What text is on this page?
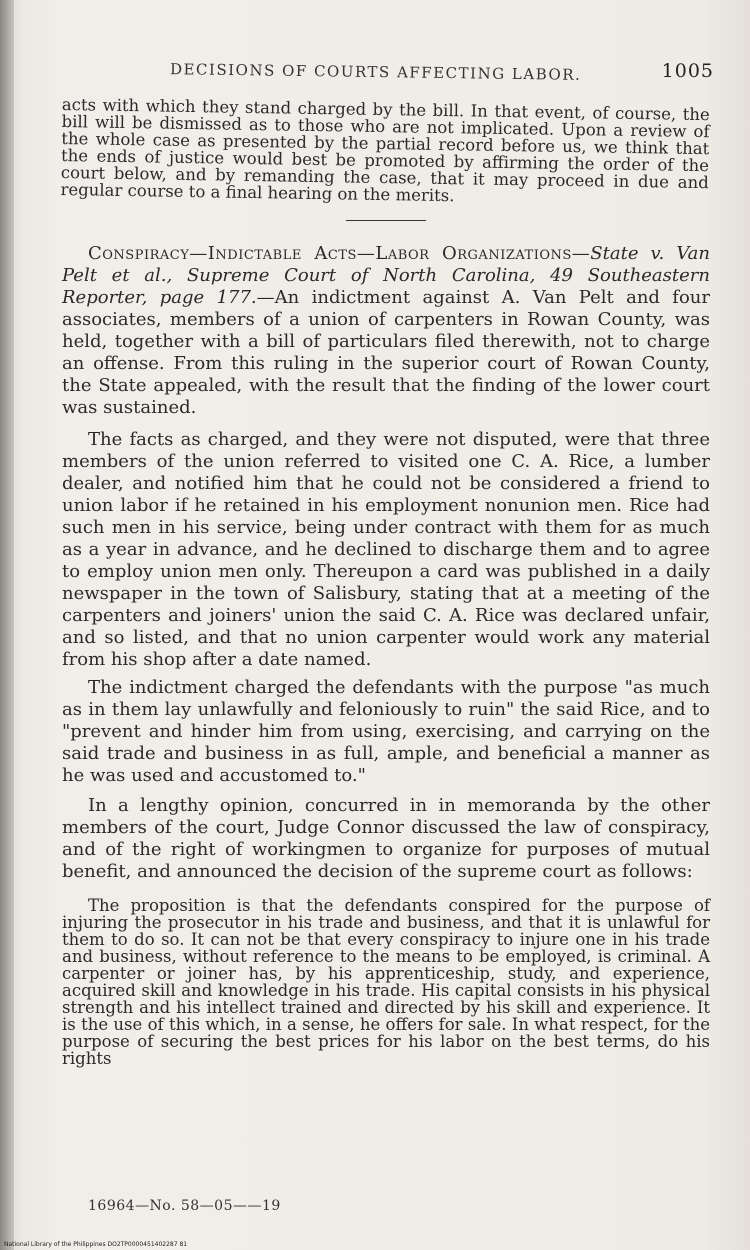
DECISIONS OF COURTS AFFECTING LABOR.	1005

acts with which they stand charged by the bill. In that event, of course, the bill will be dismissed as to those who are not implicated. Upon a review of the whole case as presented by the partial record before us, we think that the ends of justice would best be promoted by affirming the order of the court below, and by remanding the case, that it may proceed in due and regular course to a final hearing on the merits.

Conspiracy—Indictable Acts—Labor Organizations—State v. Van Pelt et al., Supreme Court of North Carolina, 49 Southeastern Reporter, page 177.—An indictment against A. Van Pelt and four associates, members of a union of carpenters in Rowan County, was held, together with a bill of particulars filed therewith, not to charge an offense. From this ruling in the superior court of Rowan County, the State appealed, with the result that the finding of the lower court was sustained.

The facts as charged, and they were not disputed, were that three members of the union referred to visited one C. A. Rice, a lumber dealer, and notified him that he could not be considered a friend to union labor if he retained in his employment nonunion men. Rice had such men in his service, being under contract with them for as much as a year in advance, and he declined to discharge them and to agree to employ union men only. Thereupon a card was published in a daily newspaper in the town of Salisbury, stating that at a meeting of the carpenters and joiners' union the said C. A. Rice was declared unfair, and so listed, and that no union carpenter would work any material from his shop after a date named.

The indictment charged the defendants with the purpose "as much as in them lay unlawfully and feloniously to ruin" the said Rice, and to "prevent and hinder him from using, exercising, and carrying on the said trade and business in as full, ample, and beneficial a manner as he was used and accustomed to."

In a lengthy opinion, concurred in in memoranda by the other members of the court, Judge Connor discussed the law of conspiracy, and of the right of workingmen to organize for purposes of mutual benefit, and announced the decision of the supreme court as follows:

The proposition is that the defendants conspired for the purpose of injuring the prosecutor in his trade and business, and that it is unlawful for them to do so. It can not be that every conspiracy to injure one in his trade and business, without reference to the means to be employed, is criminal. A carpenter or joiner has, by his apprenticeship, study, and experience, acquired skill and knowledge in his trade. His capital consists in his physical strength and his intellect trained and directed by his skill and experience. It is the use of this which, in a sense, he offers for sale. In what respect, for the purpose of securing the best prices for his labor on the best terms, do his rights

16964—No. 58—05——19
National Library of the Philippines DO2TP0000451402287 81
